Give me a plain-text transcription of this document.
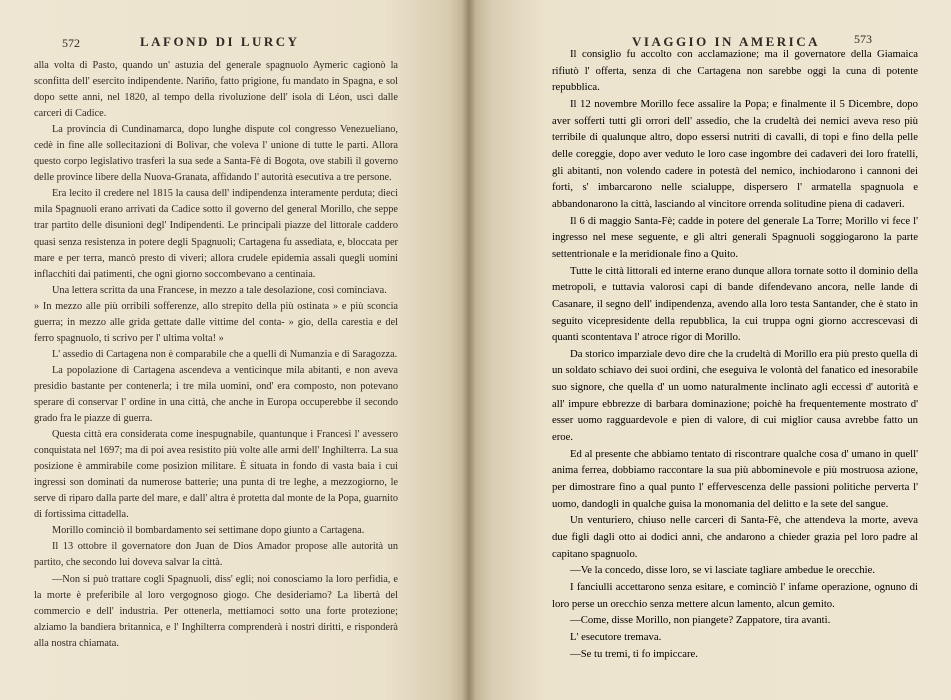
572	LAFOND DI LURCY

alla volta di Pasto, quando un' astuzia del generale spagnuolo Aymeric cagionò la sconfitta dell' esercito indipendente. Nariño, fatto prigione, fu mandato in Spagna, e sol dopo sette anni, nel 1820, al tempo della rivoluzione dell' isola di Léon, uscì dalle carceri di Cadice.

La provincia di Cundinamarca, dopo lunghe dispute col congresso Venezueliano, cedè in fine alle sollecitazioni di Bolivar, che voleva l' unione di tutte le parti. Allora questo corpo legislativo trasferì la sua sede a Santa-Fè di Bogota, ove stabilì il governo delle province libere della Nuova-Granata, affidando l' autorità esecutiva a tre persone.

Era lecito il credere nel 1815 la causa dell' indipendenza interamente perduta; dieci mila Spagnuoli erano arrivati da Cadice sotto il governo del general Morillo, che seppe trar partito delle disunioni degl' Indipendenti. Le principali piazze del littorale caddero quasi senza resistenza in potere degli Spagnuoli; Cartagena fu assediata, e, bloccata per mare e per terra, mancò presto di viveri; allora crudele epidemia assalì quegli uomini inflacchiti dai patimenti, che ogni giorno soccombevano a centinaia.

Una lettera scritta da una Francese, in mezzo a tale desolazione, così cominciava.

» In mezzo alle più orribili sofferenze, allo strepito della più ostinata » e più sconcia guerra; in mezzo alle grida gettate dalle vittime del conta- » gio, della carestia e del ferro spagnuolo, ti scrivo per l' ultima volta! »

L' assedio di Cartagena non è comparabile che a quelli di Numanzia e di Saragozza.

La popolazione di Cartagena ascendeva a venticinque mila abitanti, e non aveva presidio bastante per contenerla; i tre mila uomini, ond' era composto, non potevano sperare di conservar l' ordine in una città, che anche in Europa occuperebbe il secondo grado fra le piazze di guerra.

Questa città era considerata come inespugnabile, quantunque i Francesi l' avessero conquistata nel 1697; ma di poi avea resistito più volte alle armi dell' Inghilterra. La sua posizione è ammirabile come posizion militare. È situata in fondo di vasta baia i cui ingressi son dominati da numerose batterie; una punta di tre leghe, a mezzogiorno, le serve di riparo dalla parte del mare, e dall' altra è protetta dal monte de la Popa, guarnito di fortissima cittadella.

Morillo cominciò il bombardamento sei settimane dopo giunto a Cartagena.

Il 13 ottobre il governatore don Juan de Dios Amador propose alle autorità un partito, che secondo lui doveva salvar la città.

—Non si può trattare cogli Spagnuoli, diss' egli; noi conosciamo la loro perfidia, e la morte è preferibile al loro vergognoso giogo. Che desideriamo? La libertà del commercio e dell' industria. Per ottenerla, mettiamoci sotto una forte protezione; alziamo la bandiera britannica, e l' Inghilterra comprenderà i nostri diritti, e risponderà alla nostra chiamata.

VIAGGIO IN AMERICA	573

Il consiglio fu accolto con acclamazione; ma il governatore della Giamaica rifiutò l' offerta, senza di che Cartagena non sarebbe oggi la cuna di potente repubblica.

Il 12 novembre Morillo fece assalire la Popa; e finalmente il 5 Dicembre, dopo aver sofferti tutti gli orrori dell' assedio, che la crudeltà dei nemici aveva reso più terribile di qualunque altro, dopo essersi nutriti di cavalli, di topi e fino della pelle delle coreggie, dopo aver veduto le loro case ingombre dei cadaveri dei loro fratelli, gli abitanti, non volendo cadere in potestà del nemico, inchiodarono i cannoni dei forti, s' imbarcarono nelle scialuppe, dispersero l' armatella spagnuola e abbandonarono la città, lasciando al vincitore orrenda solitudine piena di cadaveri.

Il 6 di maggio Santa-Fè; cadde in potere del generale La Torre; Morillo vi fece l' ingresso nel mese seguente, e gli altri generali Spagnuoli soggiogarono la parte settentrionale e la meridionale fino a Quito.

Tutte le città littorali ed interne erano dunque allora tornate sotto il dominio della metropoli, e tuttavia valorosi capi di bande difendevano ancora, nelle lande di Casanare, il segno dell' indipendenza, avendo alla loro testa Santander, che è stato in seguito vicepresidente della repubblica, la cui truppa ogni giorno accrescevasi di quanti scontentava l' atroce rigor di Morillo.

Da storico imparziale devo dire che la crudeltà di Morillo era più presto quella di un soldato schiavo dei suoi ordini, che eseguiva le volontà del fanatico ed inesorabile suo signore, che quella d' un uomo naturalmente inclinato agli eccessi d' autorità e all' impure ebbrezze di barbara dominazione; poichè ha frequentemente mostrato d' esser uomo ragguardevole e pien di valore, di cui miglior causa avrebbe fatto un eroe.

Ed al presente che abbiamo tentato di riscontrare qualche cosa d' umano in quell' anima ferrea, dobbiamo raccontare la sua più abbominevole e più mostruosa azione, per dimostrare fino a qual punto l' effervescenza delle passioni politiche perverta l' uomo, dandogli in qualche guisa la monomania del delitto e la sete del sangue.

Un venturiero, chiuso nelle carceri di Santa-Fè, che attendeva la morte, aveva due figli dagli otto ai dodici anni, che andarono a chieder grazia pel loro padre al capitano spagnuolo.

—Ve la concedo, disse loro, se vi lasciate tagliare ambedue le orecchie.

I fanciulli accettarono senza esitare, e cominciò l' infame operazione, ognuno di loro perse un orecchio senza mettere alcun lamento, alcun gemito.

—Come, disse Morillo, non piangete? Zappatore, tira avanti.

L' esecutore tremava.

—Se tu tremi, ti fo impiccare.
